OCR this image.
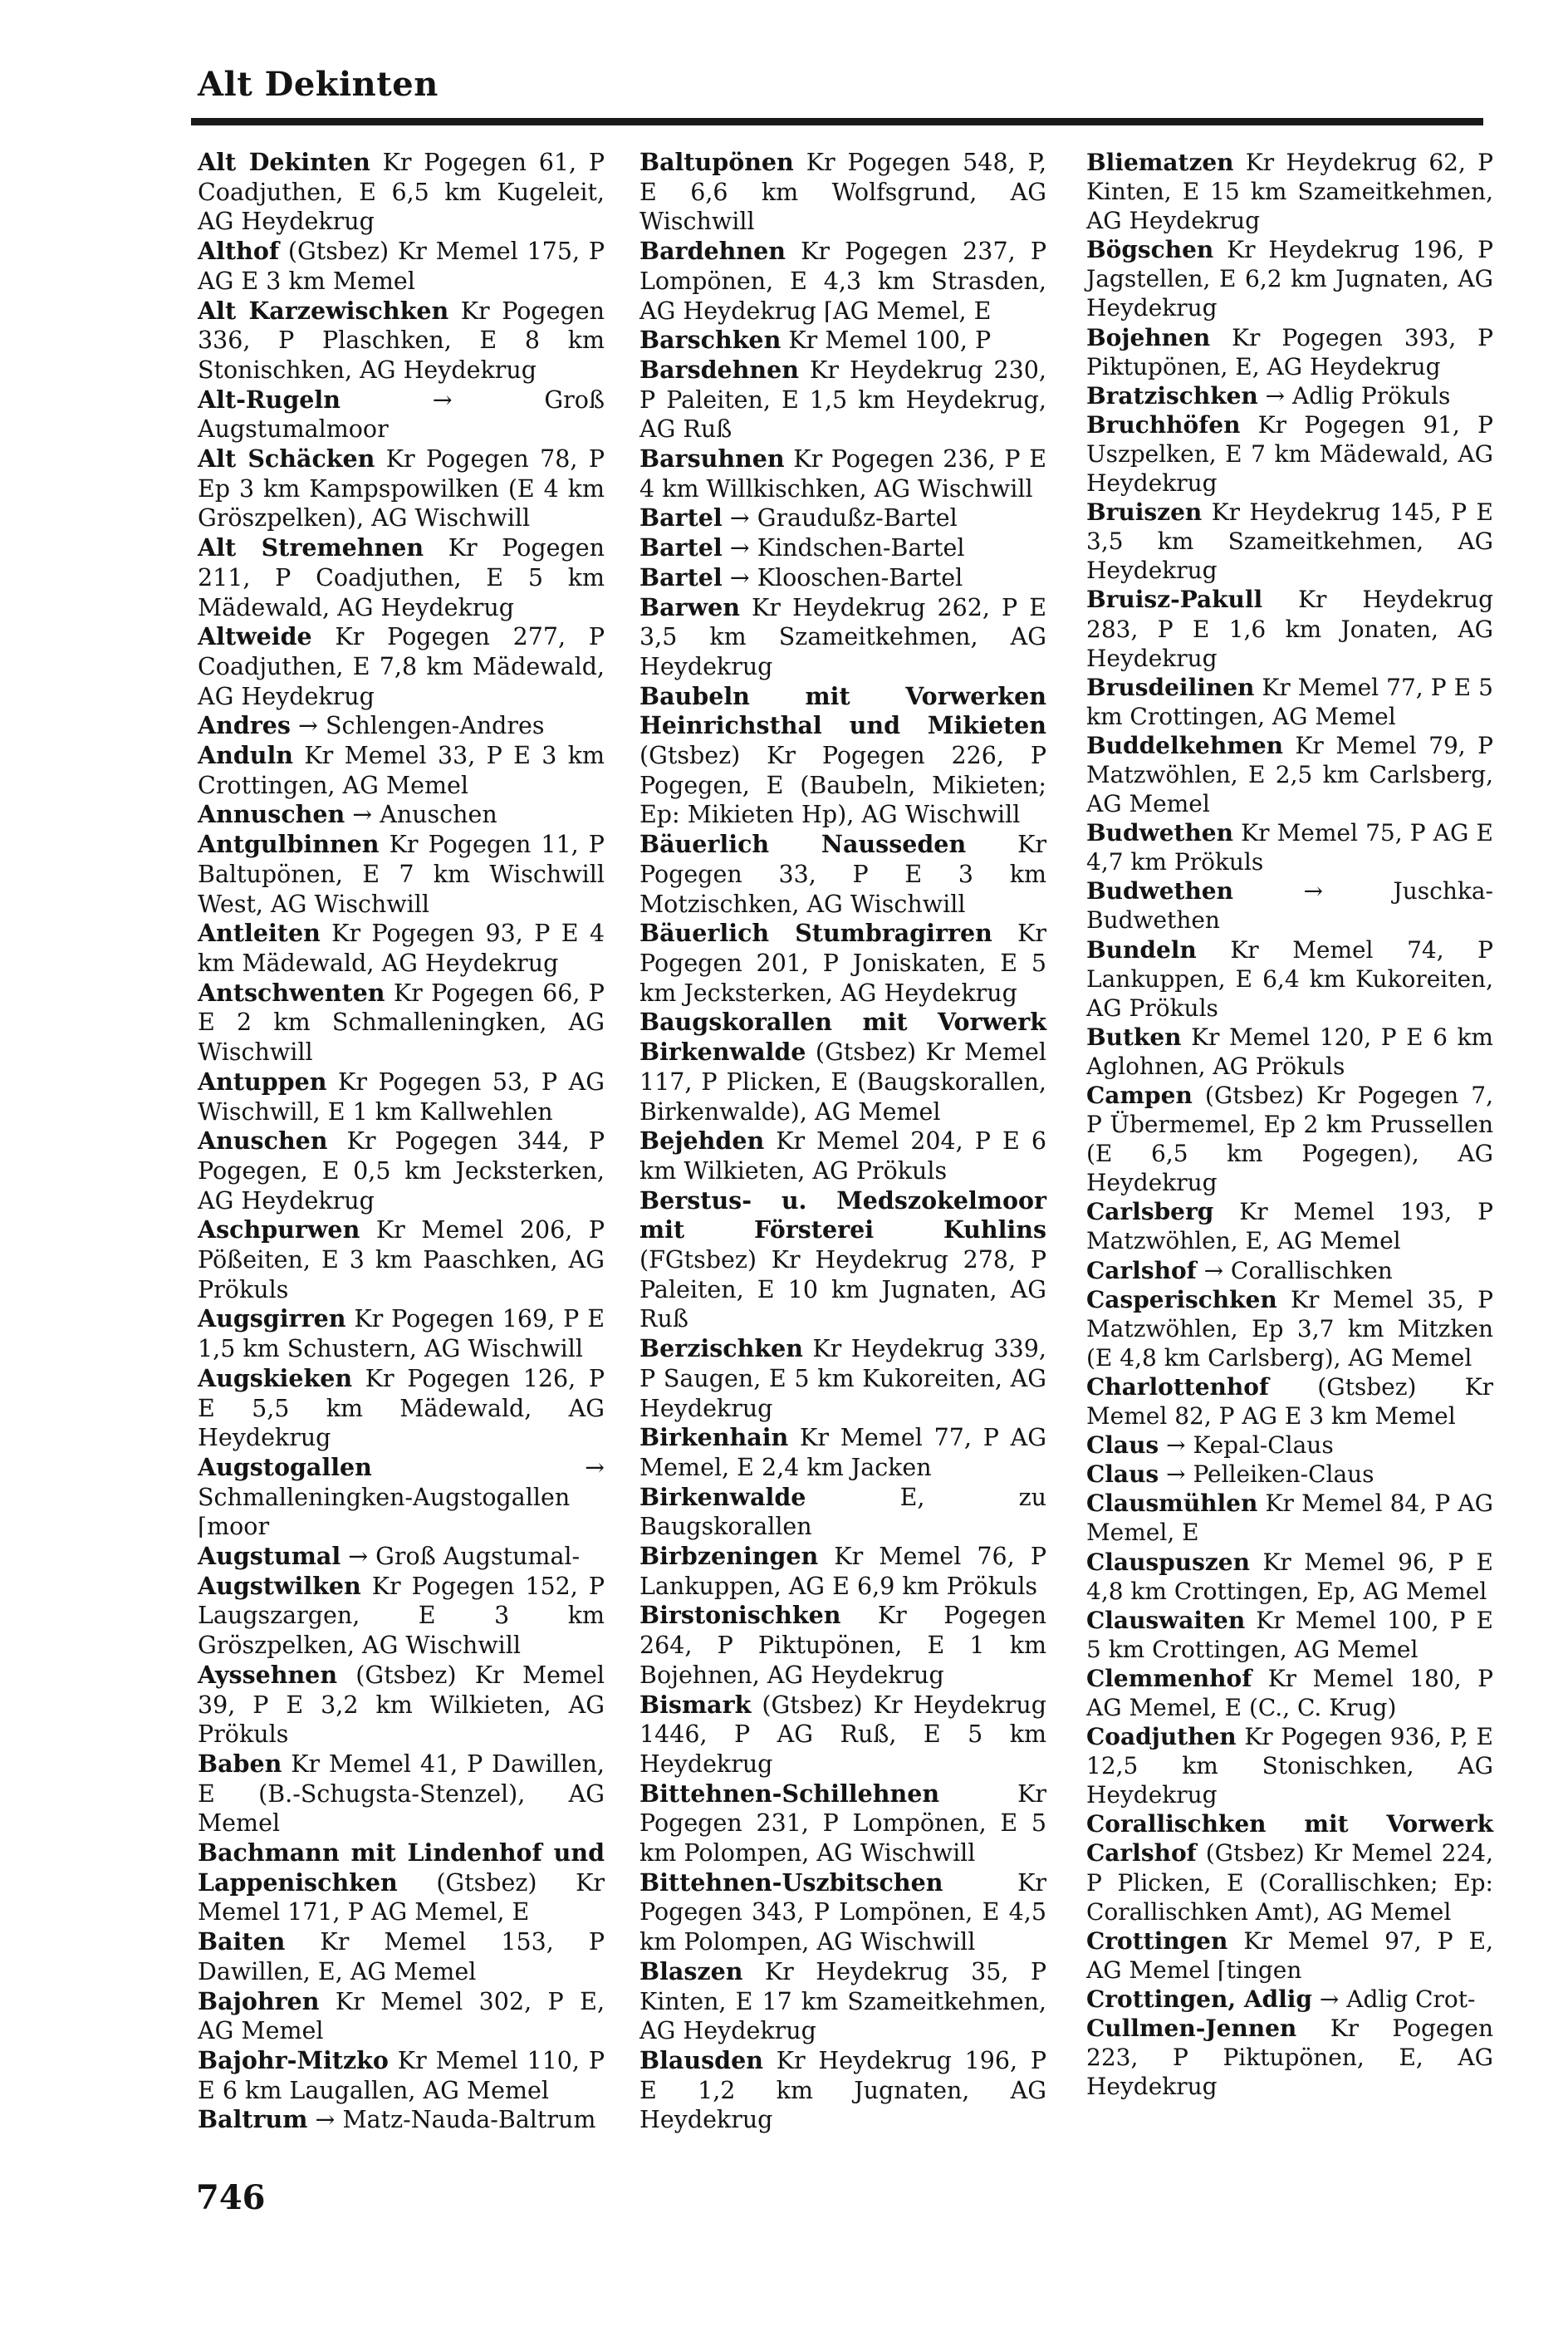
Alt Dekinten

Alt Dekinten Kr Pogegen 61, P Coadjuthen, E 6,5 km Kugeleit, AG Heydekrug

Althof (Gtsbez) Kr Memel 175, P AG E 3 km Memel

Alt Karzewischken Kr Pogegen 336, P Plaschken, E 8 km Stonischken, AG Heydekrug

Alt-Rugeln → Groß Augstumalmoor

Alt Schäcken Kr Pogegen 78, P Ep 3 km Kampspowilken (E 4 km Gröszpelken), AG Wischwill

Alt Stremehnen Kr Pogegen 211, P Coadjuthen, E 5 km Mädewald, AG Heydekrug

Altweide Kr Pogegen 277, P Coadjuthen, E 7,8 km Mädewald, AG Heydekrug

Andres → Schlengen-Andres

Anduln Kr Memel 33, P E 3 km Crottingen, AG Memel

Annuschen → Anuschen

Antgulbinnen Kr Pogegen 11, P Baltupönen, E 7 km Wischwill West, AG Wischwill

Antleiten Kr Pogegen 93, P E 4 km Mädewald, AG Heydekrug

Antschwenten Kr Pogegen 66, P E 2 km Schmalleningken, AG Wischwill

Antuppen Kr Pogegen 53, P AG Wischwill, E 1 km Kallwehlen

Anuschen Kr Pogegen 344, P Pogegen, E 0,5 km Jecksterken, AG Heydekrug

Aschpurwen Kr Memel 206, P Pößeiten, E 3 km Paaschken, AG Prökuls

Augsgirren Kr Pogegen 169, P E 1,5 km Schustern, AG Wischwill

Augskieken Kr Pogegen 126, P E 5,5 km Mädewald, AG Heydekrug

Augstogallen → Schmalleningken-Augstogallen ⌈moor

Augstumal → Groß Augstumal-

Augstwilken Kr Pogegen 152, P Laugszargen, E 3 km Gröszpelken, AG Wischwill

Ayssehnen (Gtsbez) Kr Memel 39, P E 3,2 km Wilkieten, AG Prökuls

Baben Kr Memel 41, P Dawillen, E (B.-Schugsta-Stenzel), AG Memel

Bachmann mit Lindenhof und Lappenischken (Gtsbez) Kr Memel 171, P AG Memel, E

Baiten Kr Memel 153, P Dawillen, E, AG Memel

Bajohren Kr Memel 302, P E, AG Memel

Bajohr-Mitzko Kr Memel 110, P E 6 km Laugallen, AG Memel

Baltrum → Matz-Nauda-Baltrum

Baltupönen Kr Pogegen 548, P, E 6,6 km Wolfsgrund, AG Wischwill

Bardehnen Kr Pogegen 237, P Lompönen, E 4,3 km Strasden, AG Heydekrug ⌈AG Memel, E

Barschken Kr Memel 100, P

Barsdehnen Kr Heydekrug 230, P Paleiten, E 1,5 km Heydekrug, AG Ruß

Barsuhnen Kr Pogegen 236, P E 4 km Willkischken, AG Wischwill

Bartel → Graudußz-Bartel

Bartel → Kindschen-Bartel

Bartel → Klooschen-Bartel

Barwen Kr Heydekrug 262, P E 3,5 km Szameitkehmen, AG Heydekrug

Baubeln mit Vorwerken Heinrichsthal und Mikieten (Gtsbez) Kr Pogegen 226, P Pogegen, E (Baubeln, Mikieten; Ep: Mikieten Hp), AG Wischwill

Bäuerlich Naussеden Kr Pogegen 33, P E 3 km Motzischken, AG Wischwill

Bäuerlich Stumbragirren Kr Pogegen 201, P Joniskaten, E 5 km Jecksterken, AG Heydekrug

Baugskorallen mit Vorwerk Birkenwalde (Gtsbez) Kr Memel 117, P Plicken, E (Baugskorallen, Birkenwalde), AG Memel

Bejehden Kr Memel 204, P E 6 km Wilkieten, AG Prökuls

Berstus- u. Medszokelmoor mit Försterei Kuhlins (FGtsbez) Kr Heydekrug 278, P Paleiten, E 10 km Jugnaten, AG Ruß

Berzischken Kr Heydekrug 339, P Saugen, E 5 km Kukoreiten, AG Heydekrug

Birkenhain Kr Memel 77, P AG Memel, E 2,4 km Jacken

Birkenwalde E, zu Baugskorallen

Birbzeningen Kr Memel 76, P Lankuppen, AG E 6,9 km Prökuls

Birstonischken Kr Pogegen 264, P Piktupönen, E 1 km Bojehnen, AG Heydekrug

Bismark (Gtsbez) Kr Heydekrug 1446, P AG Ruß, E 5 km Heydekrug

Bittehnen-Schillehnen Kr Pogegen 231, P Lompönen, E 5 km Polompen, AG Wischwill

Bittehnen-Uszbitschen Kr Pogegen 343, P Lompönen, E 4,5 km Polompen, AG Wischwill

Blaszen Kr Heydekrug 35, P Kinten, E 17 km Szameitkehmen, AG Heydekrug

Blausden Kr Heydekrug 196, P E 1,2 km Jugnaten, AG Heydekrug

Bliematzen Kr Heydekrug 62, P Kinten, E 15 km Szameitkehmen, AG Heydekrug

Bögschen Kr Heydekrug 196, P Jagstellen, E 6,2 km Jugnaten, AG Heydekrug

Bojehnen Kr Pogegen 393, P Piktupönen, E, AG Heydekrug

Bratzischken → Adlig Prökuls

Bruchhöfen Kr Pogegen 91, P Uszpelken, E 7 km Mädewald, AG Heydekrug

Bruiszen Kr Heydekrug 145, P E 3,5 km Szameitkehmen, AG Heydekrug

Bruisz-Pakull Kr Heydekrug 283, P E 1,6 km Jonaten, AG Heydekrug

Brusdeilinen Kr Memel 77, P E 5 km Crottingen, AG Memel

Buddelkehmen Kr Memel 79, P Matzwöhlen, E 2,5 km Carlsberg, AG Memel

Budwethen Kr Memel 75, P AG E 4,7 km Prökuls

Budwethen → Juschka-Budwethen

Bundeln Kr Memel 74, P Lankuppen, E 6,4 km Kukoreiten, AG Prökuls

Butken Kr Memel 120, P E 6 km Aglohnen, AG Prökuls

Campen (Gtsbez) Kr Pogegen 7, P Übermemel, Ep 2 km Prussellen (E 6,5 km Pogegen), AG Heydekrug

Carlsberg Kr Memel 193, P Matzwöhlen, E, AG Memel

Carlshof → Corallischken

Casperischken Kr Memel 35, P Matzwöhlen, Ep 3,7 km Mitzken (E 4,8 km Carlsberg), AG Memel

Charlottenhof (Gtsbez) Kr Memel 82, P AG E 3 km Memel

Claus → Kepal-Claus

Claus → Pelleiken-Claus

Clausmühlen Kr Memel 84, P AG Memel, E

Clauspuszen Kr Memel 96, P E 4,8 km Crottingen, Ep, AG Memel

Clauswaiten Kr Memel 100, P E 5 km Crottingen, AG Memel

Clemmenhof Kr Memel 180, P AG Memel, E (C., C. Krug)

Coadjuthen Kr Pogegen 936, P, E 12,5 km Stonischken, AG Heydekrug

Corallischken mit Vorwerk Carlshof (Gtsbez) Kr Memel 224, P Plicken, E (Corallischken; Ep: Corallischken Amt), AG Memel

Crottingen Kr Memel 97, P E, AG Memel ⌈tingen

Crottingen, Adlig → Adlig Crot-

Cullmen-Jennen Kr Pogegen 223, P Piktupönen, E, AG Heydekrug

746
